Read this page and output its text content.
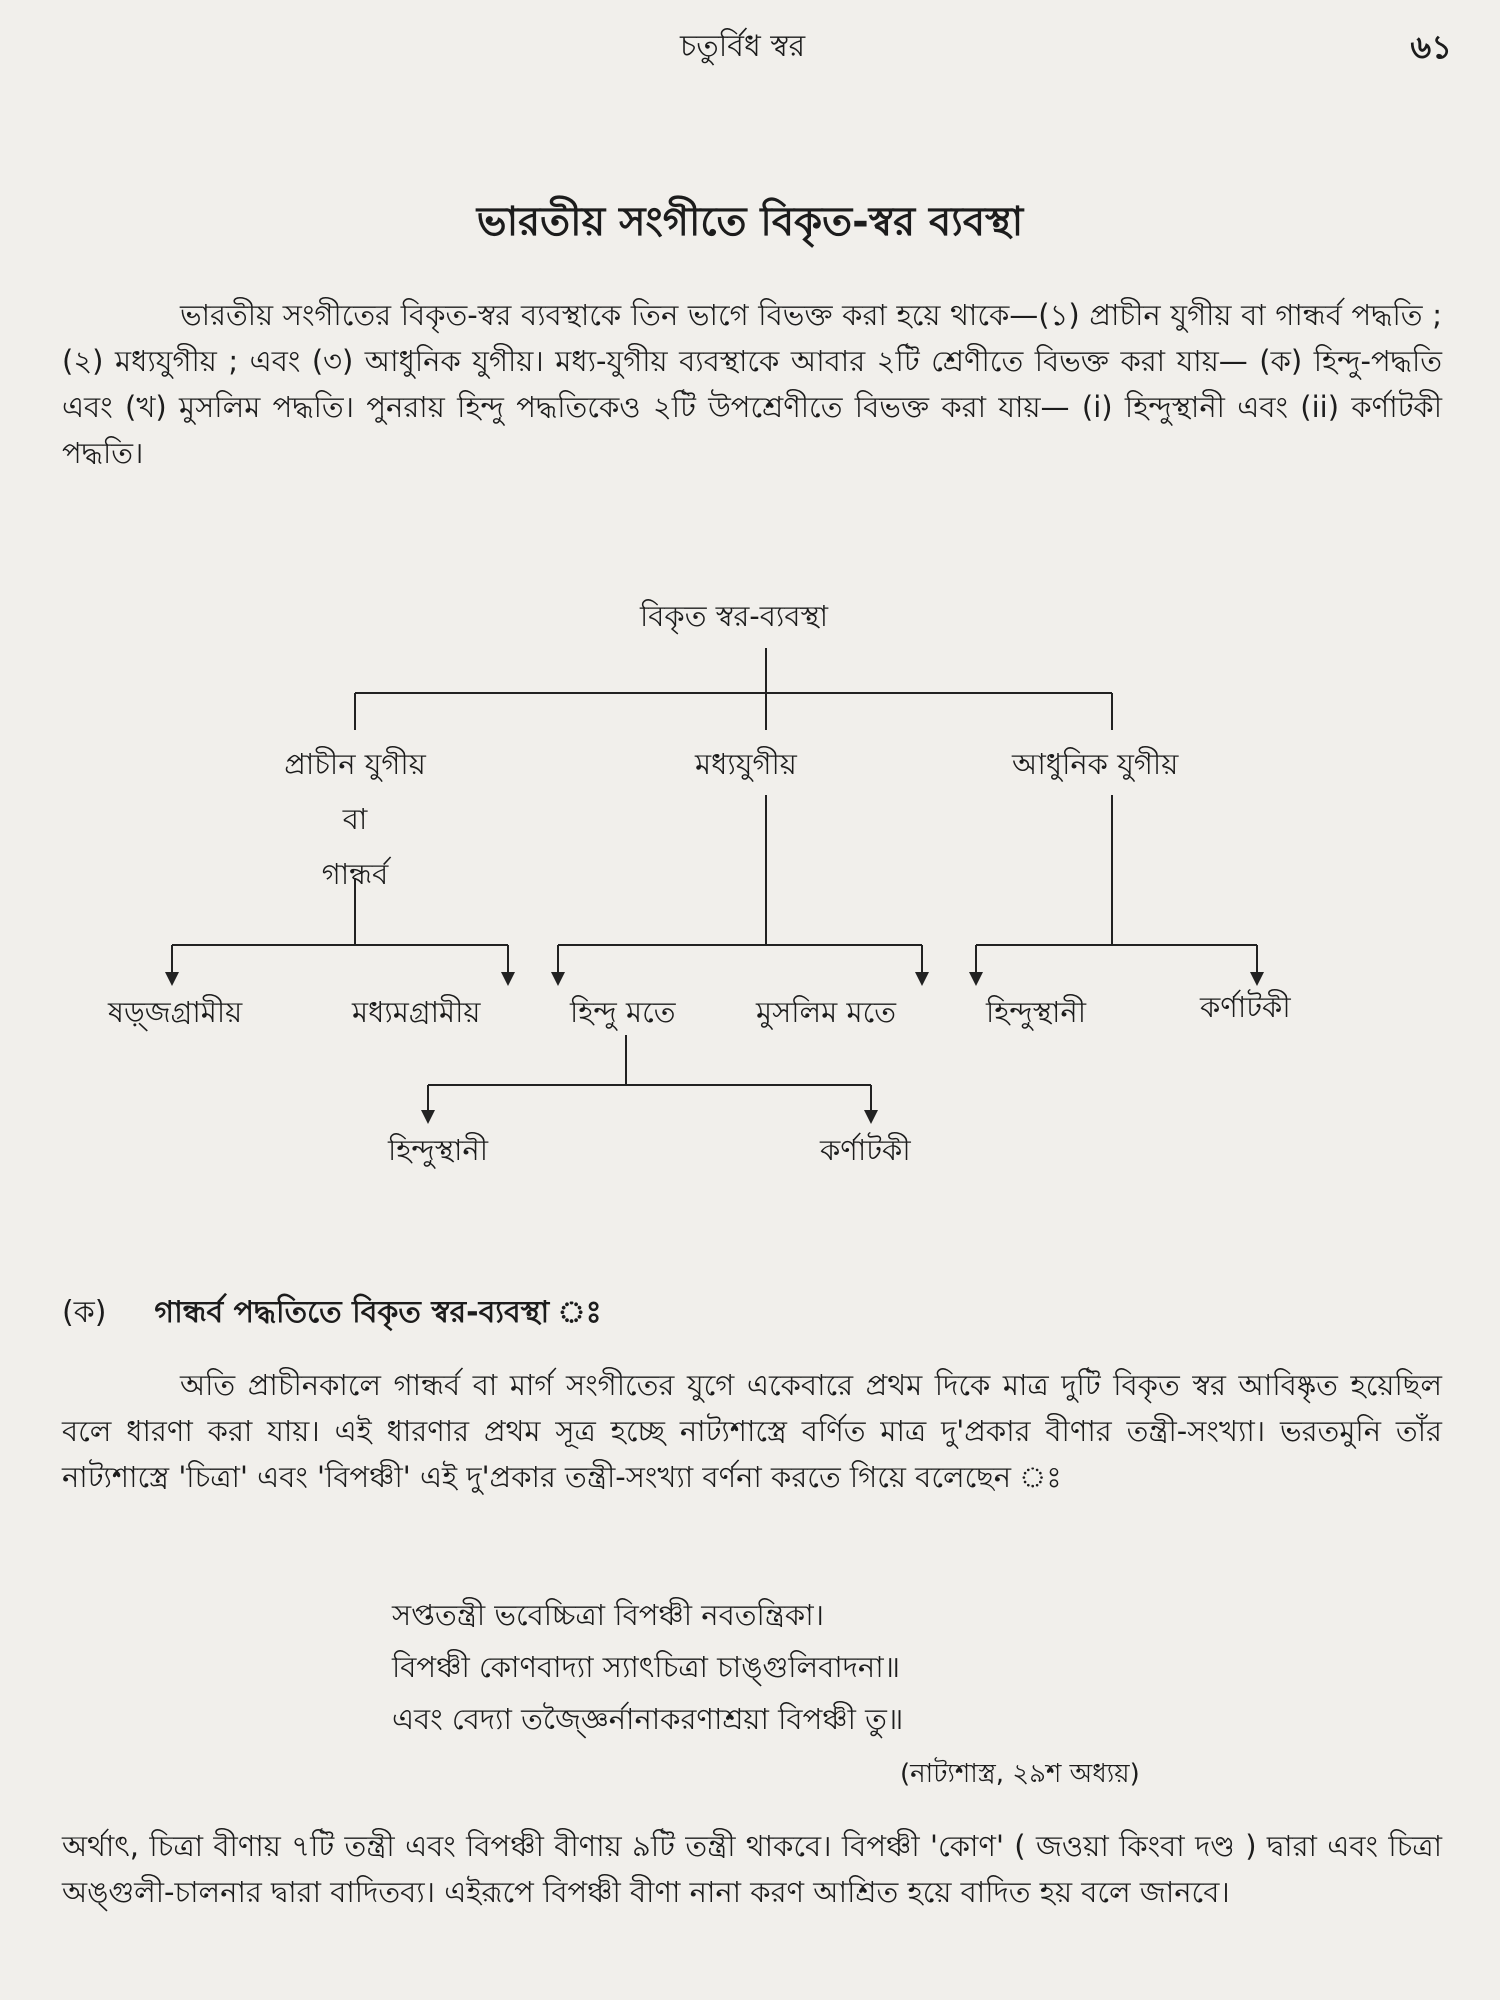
চতুর্বিধ স্বর	৬১
ভারতীয় সংগীতে বিকৃত-স্বর ব্যবস্থা
ভারতীয় সংগীতের বিকৃত-স্বর ব্যবস্থাকে তিন ভাগে বিভক্ত করা হয়ে থাকে—(১) প্রাচীন যুগীয় বা গান্ধর্ব পদ্ধতি ; (২) মধ্যযুগীয় ; এবং (৩) আধুনিক যুগীয়। মধ্য-যুগীয় ব্যবস্থাকে আবার ২টি শ্রেণীতে বিভক্ত করা যায়— (ক) হিন্দু-পদ্ধতি এবং (খ) মুসলিম পদ্ধতি। পুনরায় হিন্দু পদ্ধতিকেও ২টি উপশ্রেণীতে বিভক্ত করা যায়— (i) হিন্দুস্থানী এবং (ii) কর্ণাটকী পদ্ধতি।
বিকৃত স্বর-ব্যবস্থা
প্রাচীন যুগীয়
বা
গান্ধর্ব
মধ্যযুগীয়	আধুনিক যুগীয়
ষড়্জগ্রামীয়	মধ্যমগ্রামীয়	হিন্দু মতে	মুসলিম মতে	হিন্দুস্থানী	কর্ণাটকী
হিন্দুস্থানী	কর্ণাটকী
(ক) গান্ধর্ব পদ্ধতিতে বিকৃত স্বর-ব্যবস্থা ঃ
অতি প্রাচীনকালে গান্ধর্ব বা মার্গ সংগীতের যুগে একেবারে প্রথম দিকে মাত্র দুটি বিকৃত স্বর আবিষ্কৃত হয়েছিল বলে ধারণা করা যায়। এই ধারণার প্রথম সূত্র হচ্ছে নাট্যশাস্ত্রে বর্ণিত মাত্র দু'প্রকার বীণার তন্ত্রী-সংখ্যা। ভরতমুনি তাঁর নাট্যশাস্ত্রে 'চিত্রা' এবং 'বিপঞ্চী' এই দু'প্রকার তন্ত্রী-সংখ্যা বর্ণনা করতে গিয়ে বলেছেন ঃ
সপ্ততন্ত্রী ভবেচ্চিত্রা বিপঞ্চী নবতন্ত্রিকা।
বিপঞ্চী কোণবাদ্যা স্যাৎচিত্রা চাঙ্গুলিবাদনা॥
এবং বেদ্যা তজ্জ্ঞৈর্নানাকরণাশ্রয়া বিপঞ্চী তু॥
(নাট্যশাস্ত্র, ২৯শ অধ্যয়)
অর্থাৎ, চিত্রা বীণায় ৭টি তন্ত্রী এবং বিপঞ্চী বীণায় ৯টি তন্ত্রী থাকবে। বিপঞ্চী 'কোণ' ( জওয়া কিংবা দণ্ড ) দ্বারা এবং চিত্রা অঙ্গুলী-চালনার দ্বারা বাদিতব্য। এইরূপে বিপঞ্চী বীণা নানা করণ আশ্রিত হয়ে বাদিত হয় বলে জানবে।
